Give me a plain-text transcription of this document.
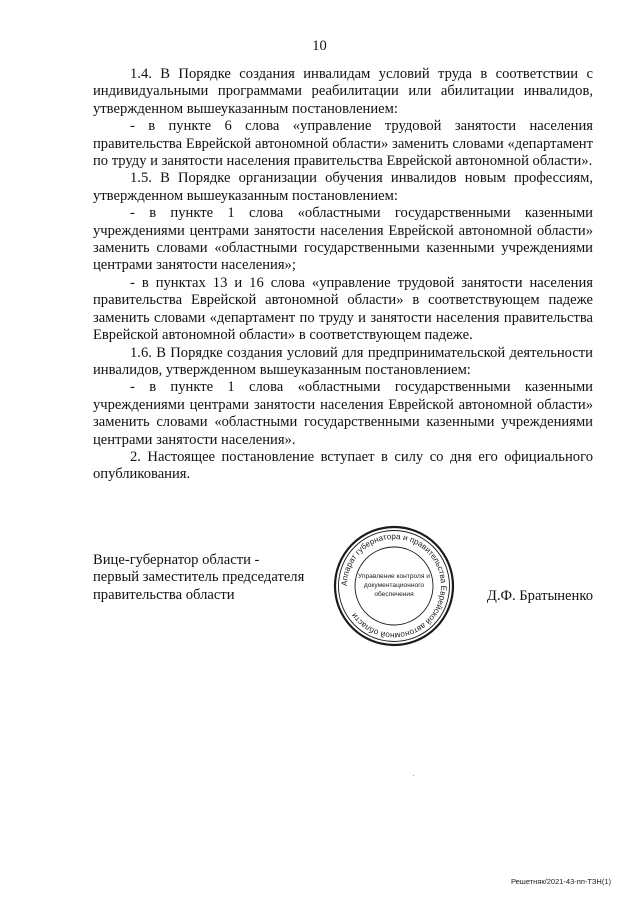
10

1.4. В Порядке создания инвалидам условий труда в соответствии с индивидуальными программами реабилитации или абилитации инвалидов, утвержденном вышеуказанным постановлением:

- в пункте 6 слова «управление трудовой занятости населения правительства Еврейской автономной области» заменить словами «департамент по труду и занятости населения правительства Еврейской автономной области».

1.5. В Порядке организации обучения инвалидов новым профессиям, утвержденном вышеуказанным постановлением:

- в пункте 1 слова «областными государственными казенными учреждениями центрами занятости населения Еврейской автономной области» заменить словами «областными государственными казенными учреждениями центрами занятости населения»;

- в пунктах 13 и 16 слова «управление трудовой занятости населения правительства Еврейской автономной области» в соответствующем падеже заменить словами «департамент по труду и занятости населения правительства Еврейской автономной области» в соответствующем падеже.

1.6. В Порядке создания условий для предпринимательской деятельности инвалидов, утвержденном вышеуказанным постановлением:

- в пункте 1 слова «областными государственными казенными учреждениями центрами занятости населения Еврейской автономной области» заменить словами «областными государственными казенными учреждениями центрами занятости населения».

2. Настоящее постановление вступает в силу со дня его официального опубликования.

Вице-губернатор области -
первый заместитель председателя
правительства области	Д.Ф. Братыненко
Аппарат губернатора и правительства Еврейской автономной области
Управление контроля и
документационного
обеспечения
Решетняк/2021-43-пп-ТЗН(1)
